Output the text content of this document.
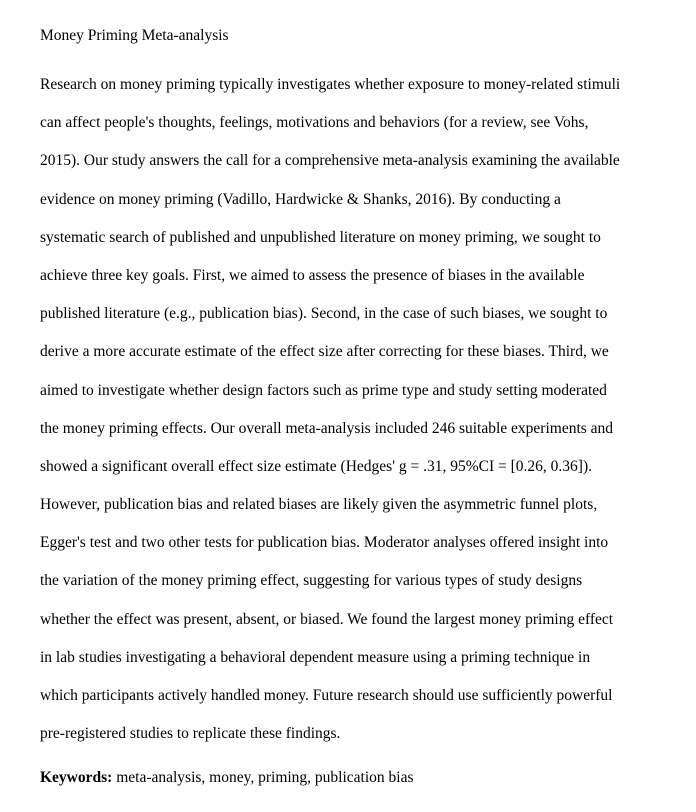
Money Priming Meta-analysis
Research on money priming typically investigates whether exposure to money-related stimuli
can affect people's thoughts, feelings, motivations and behaviors (for a review, see Vohs,
2015). Our study answers the call for a comprehensive meta-analysis examining the available
evidence on money priming (Vadillo, Hardwicke & Shanks, 2016). By conducting a
systematic search of published and unpublished literature on money priming, we sought to
achieve three key goals. First, we aimed to assess the presence of biases in the available
published literature (e.g., publication bias). Second, in the case of such biases, we sought to
derive a more accurate estimate of the effect size after correcting for these biases. Third, we
aimed to investigate whether design factors such as prime type and study setting moderated
the money priming effects. Our overall meta-analysis included 246 suitable experiments and
showed a significant overall effect size estimate (Hedges' g = .31, 95%CI = [0.26, 0.36]).
However, publication bias and related biases are likely given the asymmetric funnel plots,
Egger's test and two other tests for publication bias. Moderator analyses offered insight into
the variation of the money priming effect, suggesting for various types of study designs
whether the effect was present, absent, or biased. We found the largest money priming effect
in lab studies investigating a behavioral dependent measure using a priming technique in
which participants actively handled money. Future research should use sufficiently powerful
pre-registered studies to replicate these findings.
Keywords: meta-analysis, money, priming, publication bias
